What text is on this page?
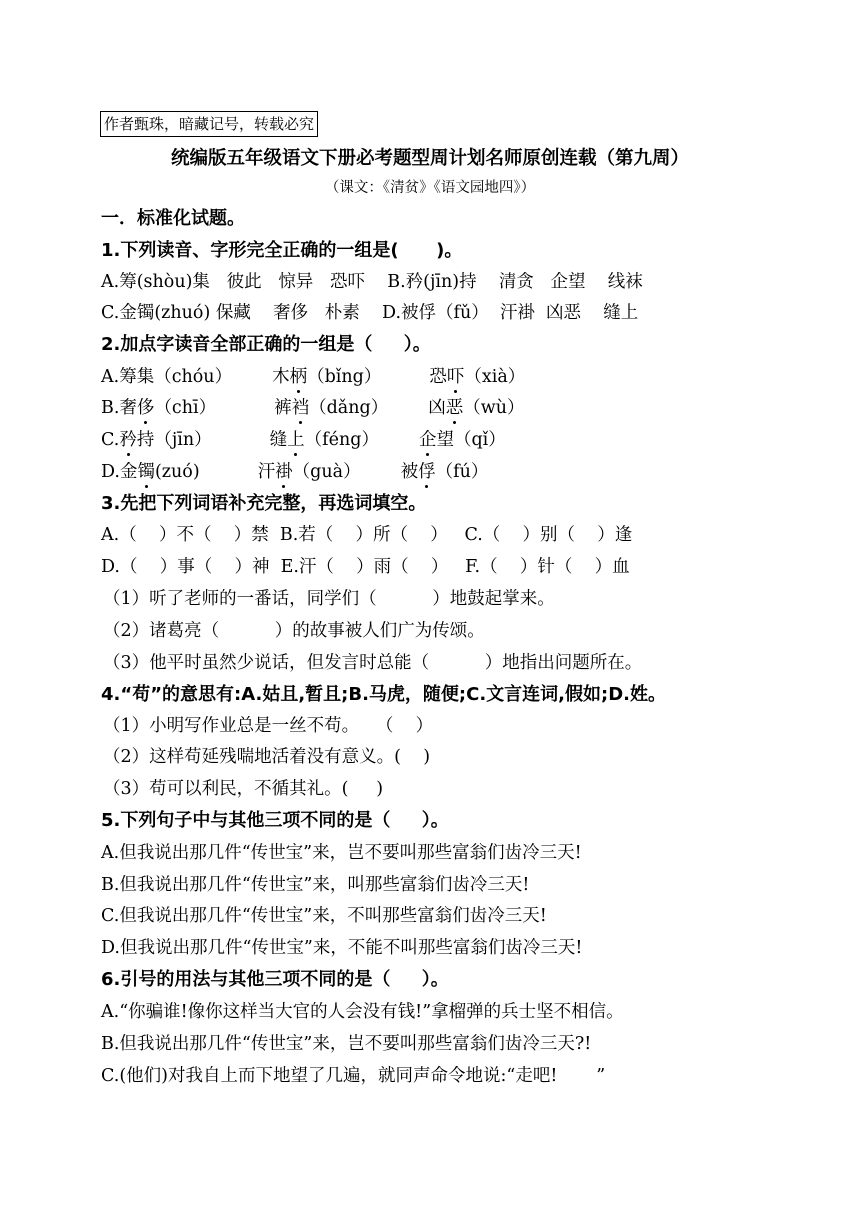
作者甄珠，暗藏记号，转载必究
统编版五年级语文下册必考题型周计划名师原创连载（第九周）
（课文：《清贫》《语文园地四》）
一．标准化试题。
1.下列读音、字形完全正确的一组是(      )。
A.筹(shòu)集   彼此   惊异   恐吓    B.矜(jīn)持    清贪   企望    线袜
C.金镯(zhuó) 保藏    奢侈   朴素    D.被俘（fǔ）  汗褂  凶恶    缝上
2.加点字读音全部正确的一组是（     ）。
A.筹集（chóu） 木柄（bǐng）	恐吓（xià）
B.奢侈（chī）	裤裆（dǎng） 凶恶（wù）
C.矜持（jīn）	缝上（féng） 企望（qǐ）
D.金镯(zuó)	汗褂（guà） 被俘（fú）
3.先把下列词语补充完整，再选词填空。
A.（    ）不（    ）禁  B.若（    ）所（    ）   C.（    ）别（    ）逢
D.（    ）事（    ）神  E.汗（    ）雨（    ）   F.（    ）针（    ）血
（1）听了老师的一番话，同学们（          ）地鼓起掌来。
（2）诸葛亮（          ）的故事被人们广为传颂。
（3）他平时虽然少说话，但发言时总能（          ）地指出问题所在。
4.“苟”的意思有:A.姑且,暂且;B.马虎，随便;C.文言连词,假如;D.姓。
（1）小明写作业总是一丝不苟。   （    ）
（2）这样苟延残喘地活着没有意义。(    )
（3）苟可以利民，不循其礼。(     )
5.下列句子中与其他三项不同的是（     ）。
A.但我说出那几件“传世宝”来，岂不要叫那些富翁们齿冷三天!
B.但我说出那几件“传世宝”来，叫那些富翁们齿冷三天!
C.但我说出那几件“传世宝”来，不叫那些富翁们齿冷三天!
D.但我说出那几件“传世宝”来，不能不叫那些富翁们齿冷三天!
6.引号的用法与其他三项不同的是（     ）。
A.“你骗谁!像你这样当大官的人会没有钱!”拿榴弹的兵士坚不相信。
B.但我说出那几件“传世宝”来，岂不要叫那些富翁们齿冷三天?!
C.(他们)对我自上而下地望了几遍，就同声命令地说:“走吧!       ”
